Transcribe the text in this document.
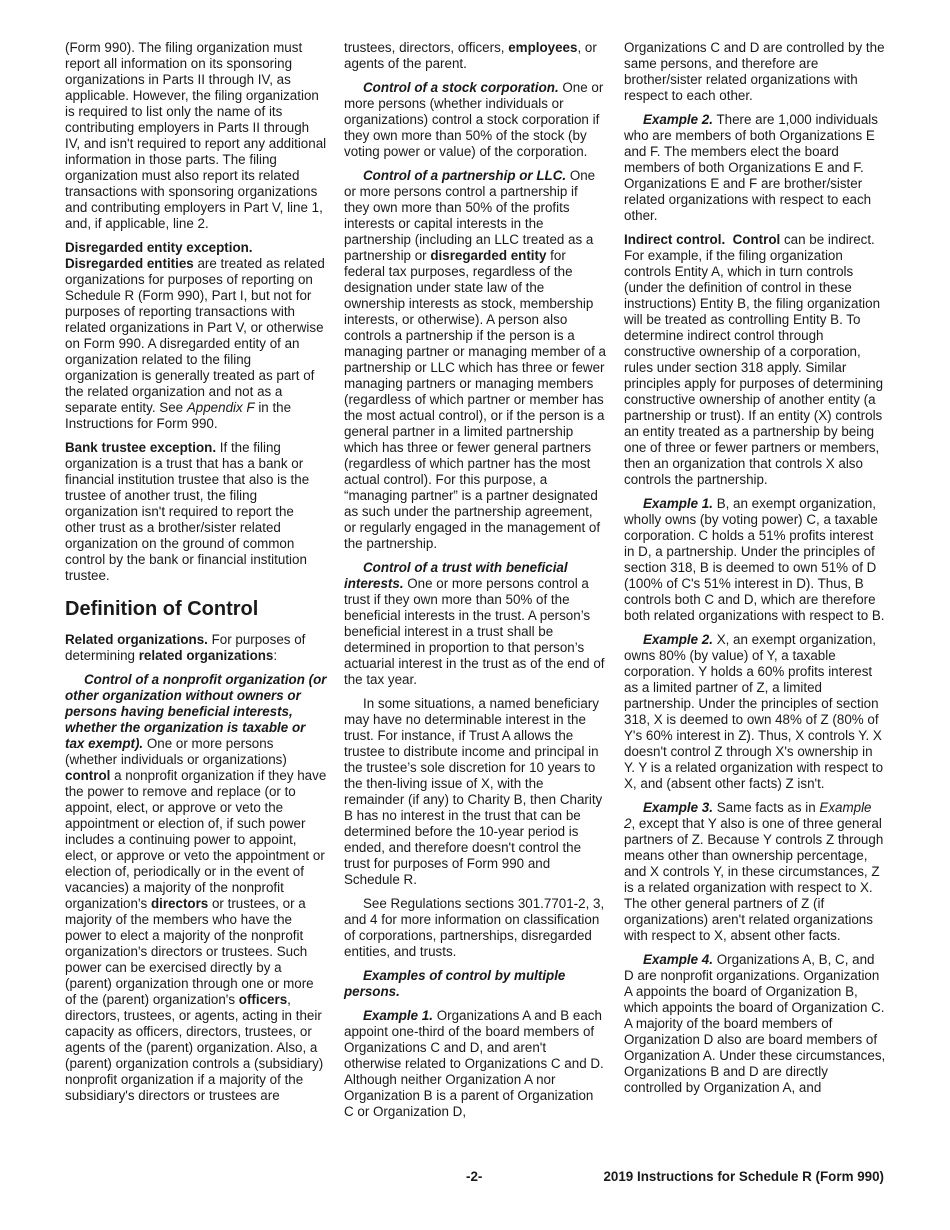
(Form 990). The filing organization must report all information on its sponsoring organizations in Parts II through IV, as applicable. However, the filing organization is required to list only the name of its contributing employers in Parts II through IV, and isn't required to report any additional information in those parts. The filing organization must also report its related transactions with sponsoring organizations and contributing employers in Part V, line 1, and, if applicable, line 2.

Disregarded entity exception.
Disregarded entities are treated as related organizations for purposes of reporting on Schedule R (Form 990), Part I, but not for purposes of reporting transactions with related organizations in Part V, or otherwise on Form 990. A disregarded entity of an organization related to the filing organization is generally treated as part of the related organization and not as a separate entity. See Appendix F in the Instructions for Form 990.

Bank trustee exception. If the filing organization is a trust that has a bank or financial institution trustee that also is the trustee of another trust, the filing organization isn't required to report the other trust as a brother/sister related organization on the ground of common control by the bank or financial institution trustee.

Definition of Control

Related organizations. For purposes of determining related organizations:

Control of a nonprofit organization (or other organization without owners or persons having beneficial interests, whether the organization is taxable or tax exempt). One or more persons (whether individuals or organizations) control a nonprofit organization if they have the power to remove and replace (or to appoint, elect, or approve or veto the appointment or election of, if such power includes a continuing power to appoint, elect, or approve or veto the appointment or election of, periodically or in the event of vacancies) a majority of the nonprofit organization's directors or trustees, or a majority of the members who have the power to elect a majority of the nonprofit organization's directors or trustees. Such power can be exercised directly by a (parent) organization through one or more of the (parent) organization's officers, directors, trustees, or agents, acting in their capacity as officers, directors, trustees, or agents of the (parent) organization. Also, a (parent) organization controls a (subsidiary) nonprofit organization if a majority of the subsidiary's directors or trustees are

trustees, directors, officers, employees, or agents of the parent.

Control of a stock corporation. One or more persons (whether individuals or organizations) control a stock corporation if they own more than 50% of the stock (by voting power or value) of the corporation.

Control of a partnership or LLC. One or more persons control a partnership if they own more than 50% of the profits interests or capital interests in the partnership (including an LLC treated as a partnership or disregarded entity for federal tax purposes, regardless of the designation under state law of the ownership interests as stock, membership interests, or otherwise). A person also controls a partnership if the person is a managing partner or managing member of a partnership or LLC which has three or fewer managing partners or managing members (regardless of which partner or member has the most actual control), or if the person is a general partner in a limited partnership which has three or fewer general partners (regardless of which partner has the most actual control). For this purpose, a “managing partner” is a partner designated as such under the partnership agreement, or regularly engaged in the management of the partnership.

Control of a trust with beneficial interests. One or more persons control a trust if they own more than 50% of the beneficial interests in the trust. A person’s beneficial interest in a trust shall be determined in proportion to that person’s actuarial interest in the trust as of the end of the tax year.

In some situations, a named beneficiary may have no determinable interest in the trust. For instance, if Trust A allows the trustee to distribute income and principal in the trustee’s sole discretion for 10 years to the then-living issue of X, with the remainder (if any) to Charity B, then Charity B has no interest in the trust that can be determined before the 10-year period is ended, and therefore doesn't control the trust for purposes of Form 990 and Schedule R.

See Regulations sections 301.7701-2, 3, and 4 for more information on classification of corporations, partnerships, disregarded entities, and trusts.

Examples of control by multiple persons.

Example 1. Organizations A and B each appoint one-third of the board members of Organizations C and D, and aren't otherwise related to Organizations C and D. Although neither Organization A nor Organization B is a parent of Organization C or Organization D,

Organizations C and D are controlled by the same persons, and therefore are brother/sister related organizations with respect to each other.

Example 2. There are 1,000 individuals who are members of both Organizations E and F. The members elect the board members of both Organizations E and F. Organizations E and F are brother/sister related organizations with respect to each other.

Indirect control. Control can be indirect. For example, if the filing organization controls Entity A, which in turn controls (under the definition of control in these instructions) Entity B, the filing organization will be treated as controlling Entity B. To determine indirect control through constructive ownership of a corporation, rules under section 318 apply. Similar principles apply for purposes of determining constructive ownership of another entity (a partnership or trust). If an entity (X) controls an entity treated as a partnership by being one of three or fewer partners or members, then an organization that controls X also controls the partnership.

Example 1. B, an exempt organization, wholly owns (by voting power) C, a taxable corporation. C holds a 51% profits interest in D, a partnership. Under the principles of section 318, B is deemed to own 51% of D (100% of C's 51% interest in D). Thus, B controls both C and D, which are therefore both related organizations with respect to B.

Example 2. X, an exempt organization, owns 80% (by value) of Y, a taxable corporation. Y holds a 60% profits interest as a limited partner of Z, a limited partnership. Under the principles of section 318, X is deemed to own 48% of Z (80% of Y's 60% interest in Z). Thus, X controls Y. X doesn't control Z through X's ownership in Y. Y is a related organization with respect to X, and (absent other facts) Z isn't.

Example 3. Same facts as in Example 2, except that Y also is one of three general partners of Z. Because Y controls Z through means other than ownership percentage, and X controls Y, in these circumstances, Z is a related organization with respect to X. The other general partners of Z (if organizations) aren't related organizations with respect to X, absent other facts.

Example 4. Organizations A, B, C, and D are nonprofit organizations. Organization A appoints the board of Organization B, which appoints the board of Organization C. A majority of the board members of Organization D also are board members of Organization A. Under these circumstances, Organizations B and D are directly controlled by Organization A, and

-2-	2019 Instructions for Schedule R (Form 990)
